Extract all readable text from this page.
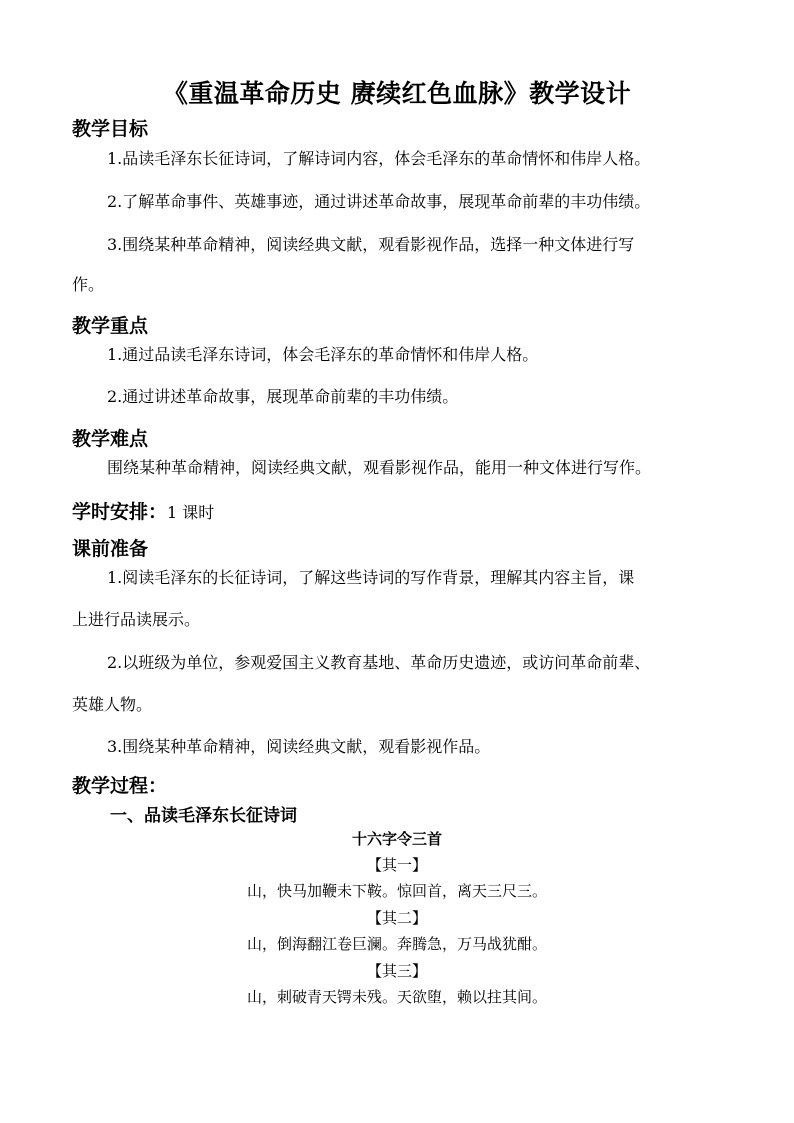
《重温革命历史 赓续红色血脉》教学设计
教学目标
1.品读毛泽东长征诗词，了解诗词内容，体会毛泽东的革命情怀和伟岸人格。
2.了解革命事件、英雄事迹，通过讲述革命故事，展现革命前辈的丰功伟绩。
3.围绕某种革命精神，阅读经典文献，观看影视作品，选择一种文体进行写
作。
教学重点
1.通过品读毛泽东诗词，体会毛泽东的革命情怀和伟岸人格。
2.通过讲述革命故事，展现革命前辈的丰功伟绩。
教学难点
围绕某种革命精神，阅读经典文献，观看影视作品，能用一种文体进行写作。
学时安排：1 课时
课前准备
1.阅读毛泽东的长征诗词，了解这些诗词的写作背景，理解其内容主旨，课
上进行品读展示。
2.以班级为单位，参观爱国主义教育基地、革命历史遗迹，或访问革命前辈、
英雄人物。
3.围绕某种革命精神，阅读经典文献，观看影视作品。
教学过程：
一、品读毛泽东长征诗词
十六字令三首
【其一】
山，快马加鞭未下鞍。惊回首，离天三尺三。
【其二】
山，倒海翻江卷巨澜。奔腾急，万马战犹酣。
【其三】
山，刺破青天锷未残。天欲堕，赖以拄其间。
